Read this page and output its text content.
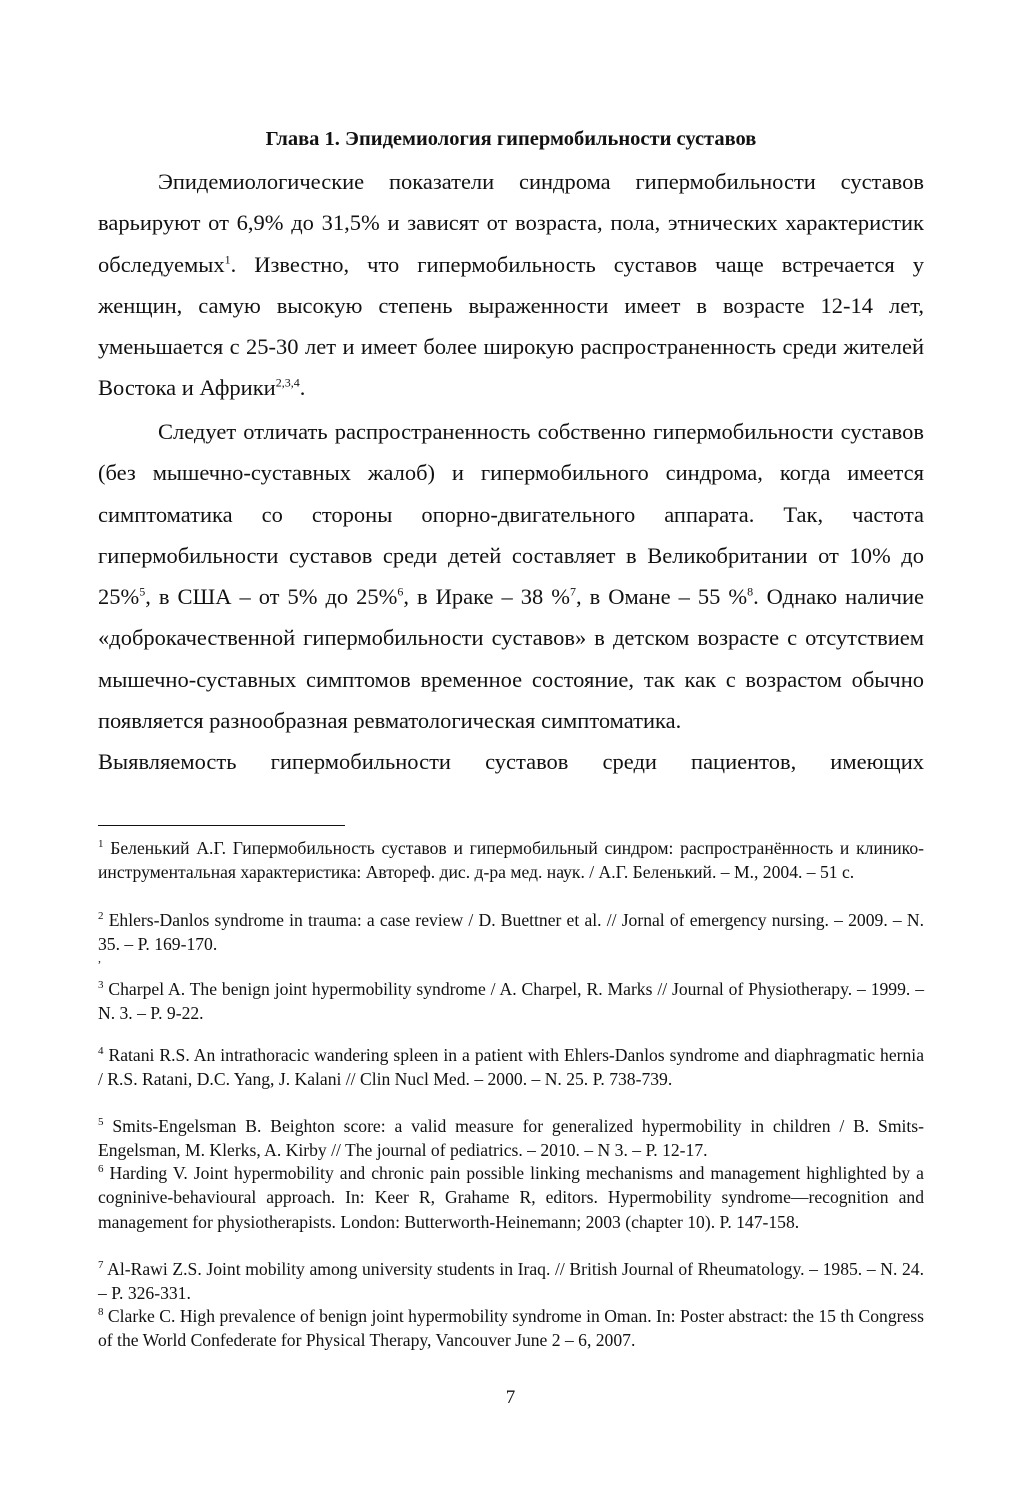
Глава 1. Эпидемиология гипермобильности суставов

Эпидемиологические показатели синдрома гипермобильности суставов варьируют от 6,9% до 31,5% и зависят от возраста, пола, этнических характеристик обследуемых$^1$. Известно, что гипермобильность суставов чаще встречается у женщин, самую высокую степень выраженности имеет в возрасте 12-14 лет, уменьшается с 25-30 лет и имеет более широкую распространенность среди жителей Востока и Африки$^{2,3,4}$.

Следует отличать распространенность собственно гипермобильности суставов (без мышечно-суставных жалоб) и гипермобильного синдрома, когда имеется симптоматика со стороны опорно-двигательного аппарата. Так, частота гипермобильности суставов среди детей составляет в Великобритании от 10% до 25%$^5$, в США – от 5% до 25%$^6$, в Ираке – 38 %$^7$, в Омане – 55 %$^8$. Однако наличие «доброкачественной гипермобильности суставов» в детском возрасте с отсутствием мышечно-суставных симптомов временное состояние, так как с возрастом обычно появляется разнообразная ревматологическая симптоматика.
Выявляемость гипермобильности суставов среди пациентов, имеющих

$^1$ Беленький А.Г. Гипермобильность суставов и гипермобильный синдром: распространённость и клинико-инструментальная характеристика: Автореф. дис. д-ра мед. наук. / А.Г. Беленький. – М., 2004. – 51 с.

$^2$ Ehlers-Danlos syndrome in trauma: a case review / D. Buettner et al. // Jornal of emergency nursing. – 2009. – N. 35. – P. 169-170.

,

$^3$ Charpel A. The benign joint hypermobility syndrome / A. Charpel, R. Marks // Journal of Physiotherapy. – 1999. – N. 3. – P. 9-22.

$^4$ Ratani R.S. An intrathoracic wandering spleen in a patient with Ehlers-Danlos syndrome and diaphragmatic hernia / R.S. Ratani, D.C. Yang, J. Kalani // Clin Nucl Med. – 2000. – N. 25. P. 738-739.

$^5$ Smits-Engelsman B. Beighton score: a valid measure for generalized hypermobility in children / B. Smits-Engelsman, M. Klerks, A. Kirby // The journal of pediatrics. – 2010. – N 3. – P. 12-17.

$^6$ Harding V. Joint hypermobility and chronic pain possible linking mechanisms and management highlighted by a cogninive-behavioural approach. In: Keer R, Grahame R, editors. Hypermobility syndrome—recognition and management for physiotherapists. London: Butterworth-Heinemann; 2003 (chapter 10). P. 147-158.

$^7$ Al-Rawi Z.S. Joint mobility among university students in Iraq. // British Journal of Rheumatology. – 1985. – N. 24. – P. 326-331.

$^8$ Clarke C. High prevalence of benign joint hypermobility syndrome in Oman. In: Poster abstract: the 15 th Congress of the World Confederate for Physical Therapy, Vancouver June 2 – 6, 2007.

7
